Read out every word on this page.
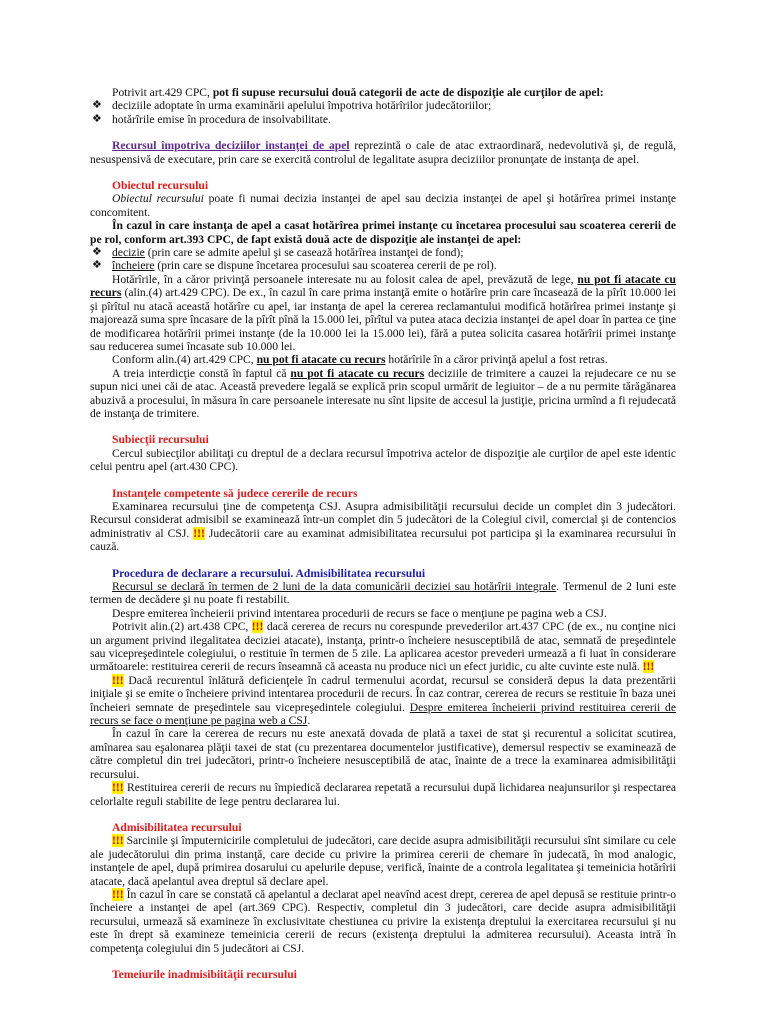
Potrivit art.429 CPC, pot fi supuse recursului două categorii de acte de dispoziţie ale curţilor de apel:

❖ deciziile adoptate în urma examinării apelului împotriva hotărîrilor judecătoriilor;

❖ hotărîrile emise în procedura de insolvabilitate.

Recursul împotriva deciziilor instanţei de apel reprezintă o cale de atac extraordinară, nedevolutivă şi, de regulă, nesuspensivă de executare, prin care se exercită controlul de legalitate asupra deciziilor pronunţate de instanţa de apel.

Obiectul recursului

Obiectul recursului poate fi numai decizia instanţei de apel sau decizia instanţei de apel şi hotărîrea primei instanţe concomitent.

În cazul în care instanţa de apel a casat hotărîrea primei instanţe cu încetarea procesului sau scoaterea cererii de pe rol, conform art.393 CPC, de fapt există două acte de dispoziţie ale instanţei de apel:

❖ decizie (prin care se admite apelul şi se casează hotărîrea instanţei de fond);

❖ încheiere (prin care se dispune încetarea procesului sau scoaterea cererii de pe rol).

Hotărîrile, în a căror privinţă persoanele interesate nu au folosit calea de apel, prevăzută de lege, nu pot fi atacate cu recurs (alin.(4) art.429 CPC). De ex., în cazul în care prima instanţă emite o hotărîre prin care încasează de la pîrît 10.000 lei şi pîrîtul nu atacă această hotărîre cu apel, iar instanţa de apel la cererea reclamantului modifică hotărîrea primei instanţe şi majorează suma spre încasare de la pîrît pînă la 15.000 lei, pîrîtul va putea ataca decizia instanţei de apel doar în partea ce ţine de modificarea hotărîrii primei instanţe (de la 10.000 lei la 15.000 lei), fără a putea solicita casarea hotărîrii primei instanţe sau reducerea sumei încasate sub 10.000 lei.

Conform alin.(4) art.429 CPC, nu pot fi atacate cu recurs hotărîrile în a căror privinţă apelul a fost retras.

A treia interdicţie constă în faptul că nu pot fi atacate cu recurs deciziile de trimitere a cauzei la rejudecare ce nu se supun nici unei căi de atac. Această prevedere legală se explică prin scopul urmărit de legiuitor – de a nu permite tărăgănarea abuzivă a procesului, în măsura în care persoanele interesate nu sînt lipsite de accesul la justiţie, pricina urmînd a fi rejudecată de instanţa de trimitere.

Subiecţii recursului

Cercul subiecţilor abilitaţi cu dreptul de a declara recursul împotriva actelor de dispoziţie ale curţilor de apel este identic celui pentru apel (art.430 CPC).

Instanţele competente să judece cererile de recurs

Examinarea recursului ţine de competenţa CSJ. Asupra admisibilităţii recursului decide un complet din 3 judecători. Recursul considerat admisibil se examinează într-un complet din 5 judecători de la Colegiul civil, comercial şi de contencios administrativ al CSJ. !!! Judecătorii care au examinat admisibilitatea recursului pot participa şi la examinarea recursului în cauză.

Procedura de declarare a recursului. Admisibilitatea recursului

Recursul se declară în termen de 2 luni de la data comunicării deciziei sau hotărîrii integrale. Termenul de 2 luni este termen de decădere şi nu poate fi restabilit.

Despre emiterea încheierii privind intentarea procedurii de recurs se face o menţiune pe pagina web a CSJ.

Potrivit alin.(2) art.438 CPC, !!! dacă cererea de recurs nu corespunde prevederilor art.437 CPC (de ex., nu conţine nici un argument privind ilegalitatea deciziei atacate), instanţa, printr-o încheiere nesusceptibilă de atac, semnată de preşedintele sau vicepreşedintele colegiului, o restituie în termen de 5 zile. La aplicarea acestor prevederi urmează a fi luat în considerare următoarele: restituirea cererii de recurs înseamnă că aceasta nu produce nici un efect juridic, cu alte cuvinte este nulă. !!!

!!! Dacă recurentul înlătură deficienţele în cadrul termenului acordat, recursul se consideră depus la data prezentării iniţiale şi se emite o încheiere privind intentarea procedurii de recurs. În caz contrar, cererea de recurs se restituie în baza unei încheieri semnate de preşedintele sau vicepreşedintele colegiului. Despre emiterea încheierii privind restituirea cererii de recurs se face o menţiune pe pagina web a CSJ.

În cazul în care la cererea de recurs nu este anexată dovada de plată a taxei de stat şi recurentul a solicitat scutirea, amînarea sau eşalonarea plăţii taxei de stat (cu prezentarea documentelor justificative), demersul respectiv se examinează de către completul din trei judecători, printr-o încheiere nesusceptibilă de atac, înainte de a trece la examinarea admisibilităţii recursului.

!!! Restituirea cererii de recurs nu împiedică declararea repetată a recursului după lichidarea neajunsurilor şi respectarea celorlalte reguli stabilite de lege pentru declararea lui.

Admisibilitatea recursului

!!! Sarcinile şi împuternicirile completului de judecători, care decide asupra admisibilităţii recursului sînt similare cu cele ale judecătorului din prima instanţă, care decide cu privire la primirea cererii de chemare în judecată, în mod analogic, instanţele de apel, după primirea dosarului cu apelurile depuse, verifică, înainte de a controla legalitatea şi temeinicia hotărîrii atacate, dacă apelantul avea dreptul să declare apel.

!!! În cazul în care se constată că apelantul a declarat apel neavînd acest drept, cererea de apel depusă se restituie printr-o încheiere a instanţei de apel (art.369 CPC). Respectiv, completul din 3 judecători, care decide asupra admisibilităţii recursului, urmează să examineze în exclusivitate chestiunea cu privire la existenţa dreptului la exercitarea recursului şi nu este în drept să examineze temeinicia cererii de recurs (existenţa dreptului la admiterea recursului). Aceasta intră în competenţa colegiului din 5 judecători ai CSJ.

Temeiurile inadmisibiităţii recursului
